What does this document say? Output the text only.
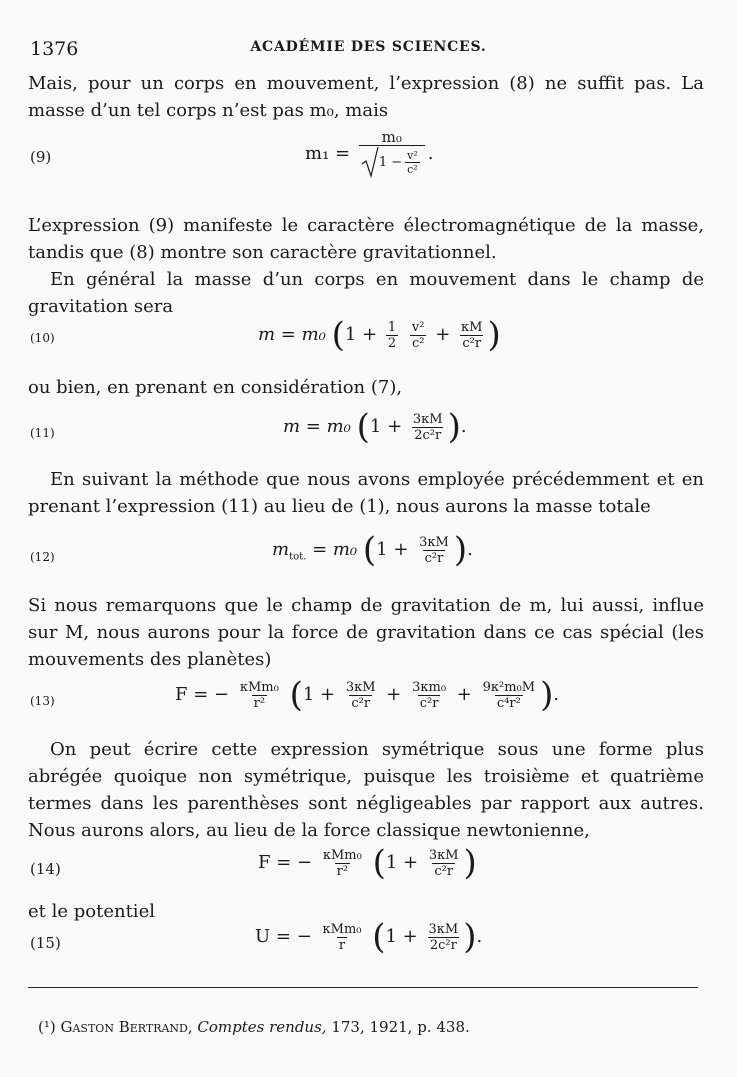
1376	ACADÉMIE DES SCIENCES.
Mais, pour un corps en mouvement, l’expression (8) ne suffit pas. La masse d’un tel corps n’est pas m₀, mais
(9)	$m_1 = \frac{\text{m₀}}{1 - \frac{\text{v²}}{\text{c²}}}$ .
L’expression (9) manifeste le caractère électromagnétique de la masse, tandis que (8) montre son caractère gravitationnel.
En général la masse d’un corps en mouvement dans le champ de gravitation sera
(10)	m = m₀ ($1 + \frac{1}{2}$
$\frac{\text{v²}}{\text{c²}} + \frac{\kappa M}{\text{c²r}}$ )
ou bien, en prenant en considération (7),
(11)	m = m₀ ($1 + \frac{3\kappa M}{\text{2c²r}}$ ).
En suivant la méthode que nous avons employée précédemment et en prenant l’expression (11) au lieu de (1), nous aurons la masse totale
(12)	$m_{tot.} = m_0$ ($1 + \frac{3\kappa M}{\text{c²r}}$ ).
Si nous remarquons que le champ de gravitation de m, lui aussi, influe sur M, nous aurons pour la force de gravitation dans ce cas spécial (les mouvements des planètes)
(13)	F = − $\frac{\text{κMm₀}}{\text{r²}} (1 + \frac{3\kappa M}{\text{c²r}} + \frac{\text{3κm₀}}{\text{c²r}} + \frac{\text{9κ²m₀M}}{\text{c⁴r²}}$ ).
On peut écrire cette expression symétrique sous une forme plus abrégée quoique non symétrique, puisque les troisième et quatrième termes dans les parenthèses sont négligeables par rapport aux autres. Nous aurons alors, au lieu de la force classique newtonienne,
(14)	F = − $\frac{\text{κMm₀}}{\text{r²}} (1 + \frac{3\kappa M}{\text{c²r}}$ )
et le potentiel
(15)	U = − $\frac{\text{κMm₀}}{r} (1 + \frac{3\kappa M}{\text{2c²r}}$ ).
(¹) Gaston Bertrand, Comptes rendus, 173, 1921, p. 438.
